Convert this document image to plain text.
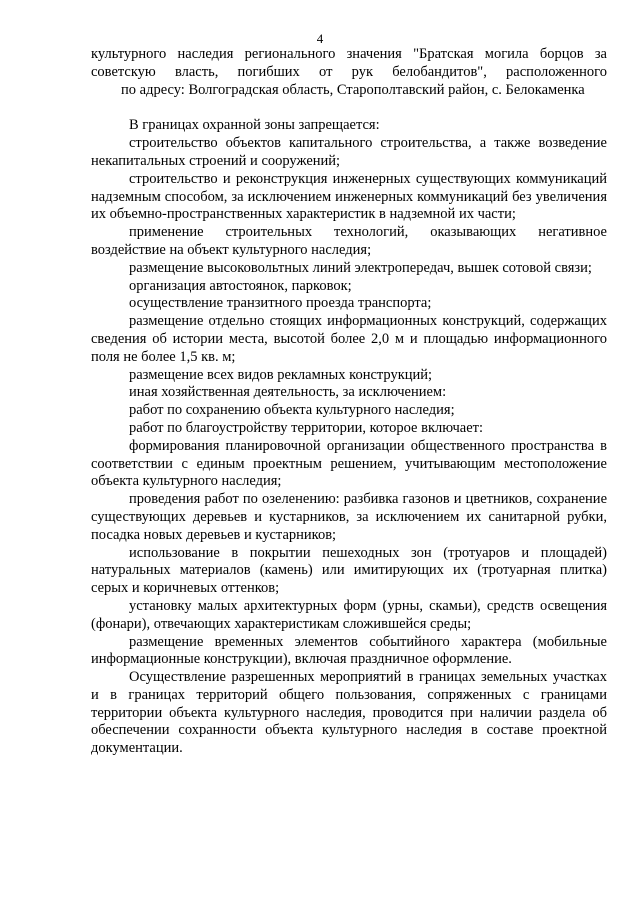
4

культурного наследия регионального значения "Братская могила борцов за советскую власть, погибших от рук белобандитов", расположенного

по адресу: Волгоградская область, Старополтавский район, с. Белокаменка

В границах охранной зоны запрещается:

строительство объектов капитального строительства, а также возведение некапитальных строений и сооружений;

строительство и реконструкция инженерных существующих коммуникаций надземным способом, за исключением инженерных коммуникаций без увеличения их объемно-пространственных характеристик в надземной их части;

применение строительных технологий, оказывающих негативное воздействие на объект культурного наследия;

размещение высоковольтных линий электропередач, вышек сотовой связи;

организация автостоянок, парковок;

осуществление транзитного проезда транспорта;

размещение отдельно стоящих информационных конструкций, содержащих сведения об истории места, высотой более 2,0 м и площадью информационного поля не более 1,5 кв. м;

размещение всех видов рекламных конструкций;

иная хозяйственная деятельность, за исключением:

работ по сохранению объекта культурного наследия;

работ по благоустройству территории, которое включает:

формирования планировочной организации общественного пространства в соответствии с единым проектным решением, учитывающим местоположение объекта культурного наследия;

проведения работ по озеленению: разбивка газонов и цветников, сохранение существующих деревьев и кустарников, за исключением их санитарной рубки, посадка новых деревьев и кустарников;

использование в покрытии пешеходных зон (тротуаров и площадей) натуральных материалов (камень) или имитирующих их (тротуарная плитка) серых и коричневых оттенков;

установку малых архитектурных форм (урны, скамьи), средств освещения (фонари), отвечающих характеристикам сложившейся среды;

размещение временных элементов событийного характера (мобильные информационные конструкции), включая праздничное оформление.

Осуществление разрешенных мероприятий в границах земельных участках и в границах территорий общего пользования, сопряженных с границами территории объекта культурного наследия, проводится при наличии раздела об обеспечении сохранности объекта культурного наследия в составе проектной документации.
